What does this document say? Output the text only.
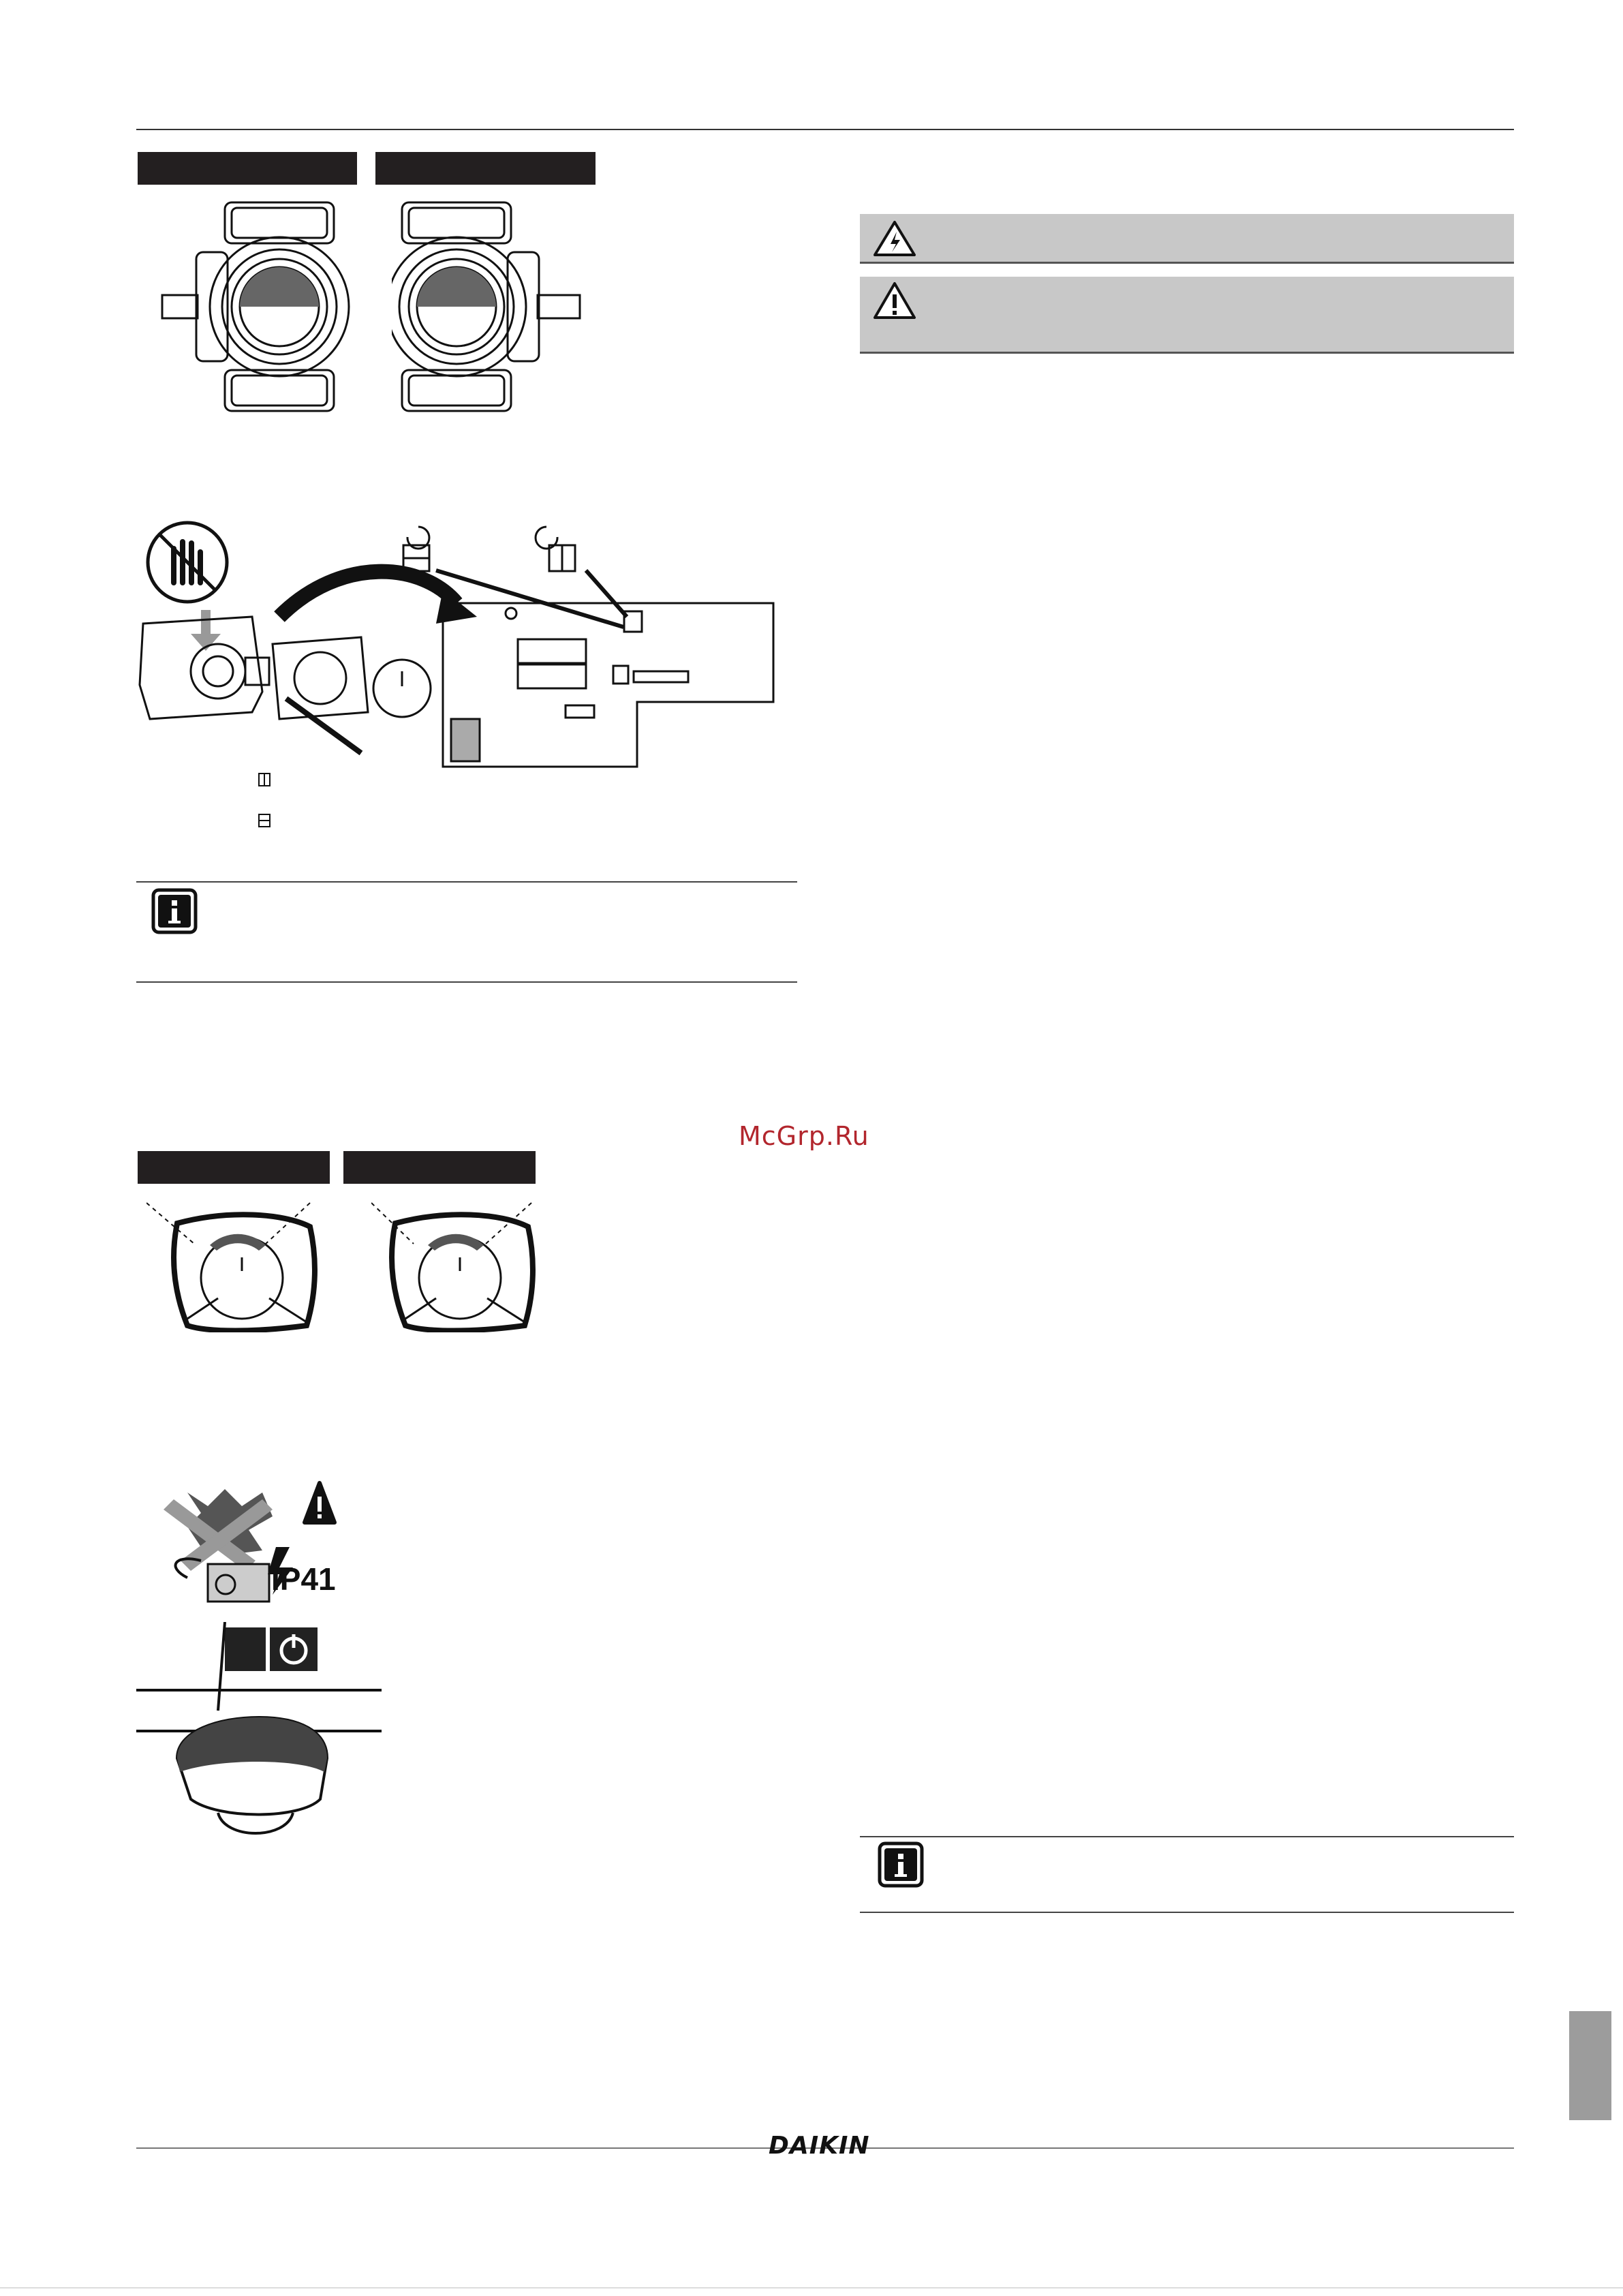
McGrp.Ru
IP41
DAIKIN
